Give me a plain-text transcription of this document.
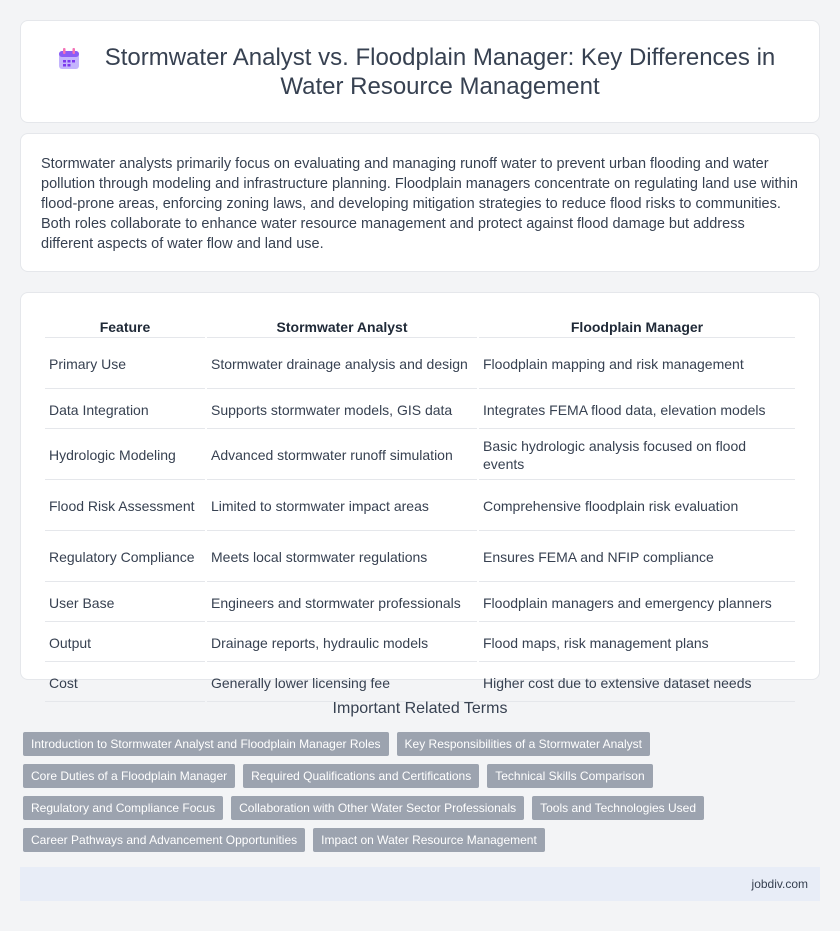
Stormwater Analyst vs. Floodplain Manager: Key Differences in Water Resource Management

Stormwater analysts primarily focus on evaluating and managing runoff water to prevent urban flooding and water pollution through modeling and infrastructure planning. Floodplain managers concentrate on regulating land use within flood-prone areas, enforcing zoning laws, and developing mitigation strategies to reduce flood risks to communities. Both roles collaborate to enhance water resource management and protect against flood damage but address different aspects of water flow and land use.

Feature	Stormwater Analyst	Floodplain Manager
Primary Use	Stormwater drainage analysis and design	Floodplain mapping and risk management
Data Integration	Supports stormwater models, GIS data	Integrates FEMA flood data, elevation models
Hydrologic Modeling	Advanced stormwater runoff simulation	Basic hydrologic analysis focused on flood events
Flood Risk Assessment	Limited to stormwater impact areas	Comprehensive floodplain risk evaluation
Regulatory Compliance	Meets local stormwater regulations	Ensures FEMA and NFIP compliance
User Base	Engineers and stormwater professionals	Floodplain managers and emergency planners
Output	Drainage reports, hydraulic models	Flood maps, risk management plans
Cost	Generally lower licensing fee	Higher cost due to extensive dataset needs
Important Related Terms
Introduction to Stormwater Analyst and Floodplain Manager Roles	Key Responsibilities of a Stormwater Analyst
Core Duties of a Floodplain Manager	Required Qualifications and Certifications	Technical Skills Comparison
Regulatory and Compliance Focus	Collaboration with Other Water Sector Professionals	Tools and Technologies Used
Career Pathways and Advancement Opportunities	Impact on Water Resource Management
jobdiv.com
